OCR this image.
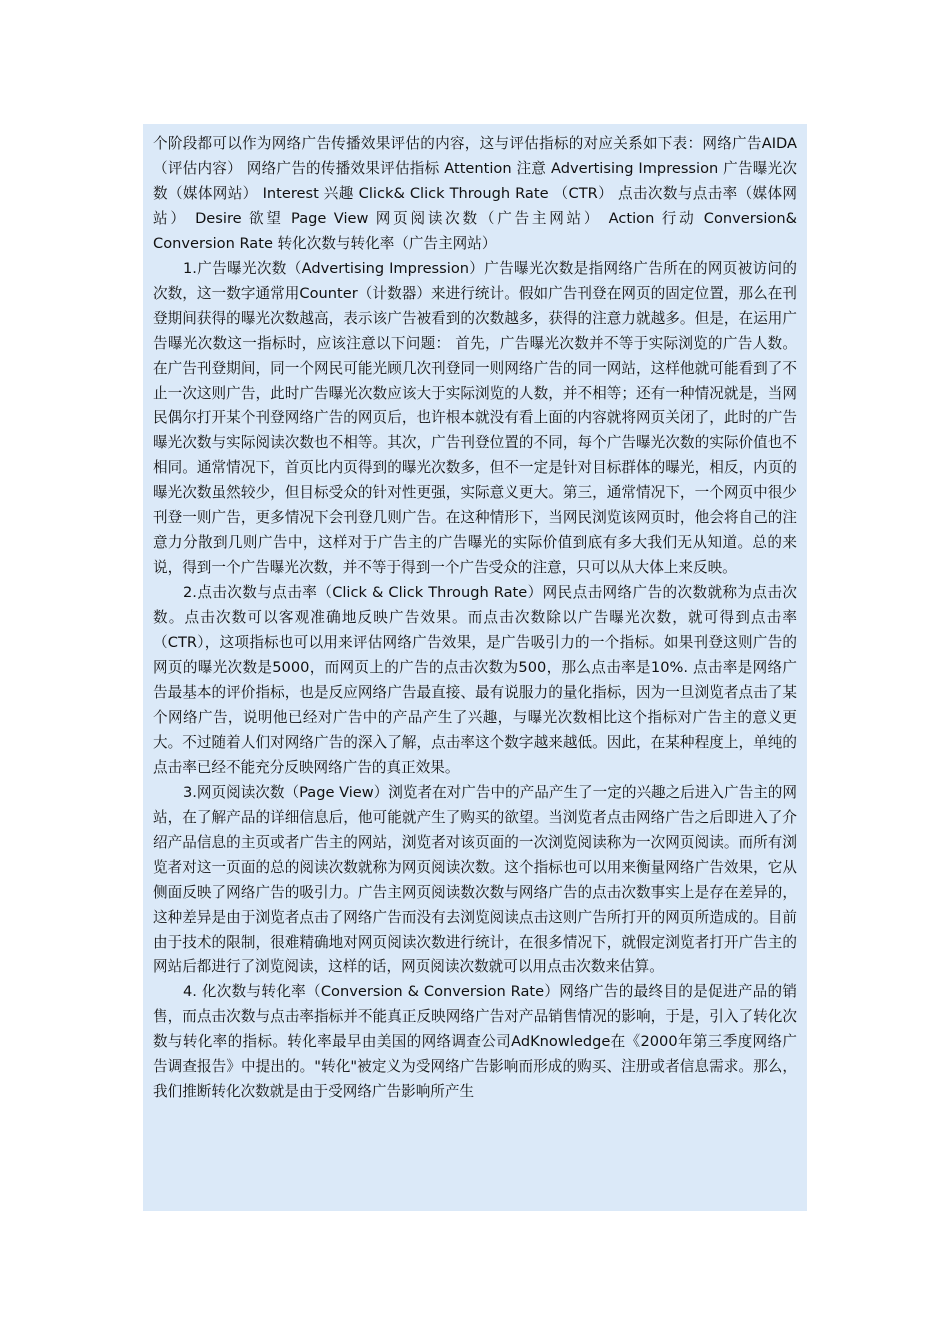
个阶段都可以作为网络广告传播效果评估的内容，这与评估指标的对应关系如下表：网络广告AIDA （评估内容） 网络广告的传播效果评估指标 Attention 注意 Advertising Impression 广告曝光次数（媒体网站） Interest 兴趣 Click& Click Through Rate （CTR） 点击次数与点击率（媒体网站） Desire 欲望 Page View 网页阅读次数（广告主网站） Action 行动 Conversion& Conversion Rate 转化次数与转化率（广告主网站）

1.广告曝光次数（Advertising Impression）广告曝光次数是指网络广告所在的网页被访问的次数，这一数字通常用Counter（计数器）来进行统计。假如广告刊登在网页的固定位置，那么在刊登期间获得的曝光次数越高，表示该广告被看到的次数越多，获得的注意力就越多。但是，在运用广告曝光次数这一指标时，应该注意以下问题： 首先，广告曝光次数并不等于实际浏览的广告人数。在广告刊登期间，同一个网民可能光顾几次刊登同一则网络广告的同一网站，这样他就可能看到了不止一次这则广告，此时广告曝光次数应该大于实际浏览的人数，并不相等；还有一种情况就是，当网民偶尔打开某个刊登网络广告的网页后，也许根本就没有看上面的内容就将网页关闭了，此时的广告曝光次数与实际阅读次数也不相等。其次，广告刊登位置的不同，每个广告曝光次数的实际价值也不相同。通常情况下，首页比内页得到的曝光次数多，但不一定是针对目标群体的曝光，相反，内页的曝光次数虽然较少，但目标受众的针对性更强，实际意义更大。第三，通常情况下，一个网页中很少刊登一则广告，更多情况下会刊登几则广告。在这种情形下，当网民浏览该网页时，他会将自己的注意力分散到几则广告中，这样对于广告主的广告曝光的实际价值到底有多大我们无从知道。总的来说，得到一个广告曝光次数，并不等于得到一个广告受众的注意，只可以从大体上来反映。

2.点击次数与点击率（Click & Click Through Rate）网民点击网络广告的次数就称为点击次数。点击次数可以客观准确地反映广告效果。而点击次数除以广告曝光次数，就可得到点击率（CTR），这项指标也可以用来评估网络广告效果，是广告吸引力的一个指标。如果刊登这则广告的网页的曝光次数是5000，而网页上的广告的点击次数为500，那么点击率是10%. 点击率是网络广告最基本的评价指标，也是反应网络广告最直接、最有说服力的量化指标，因为一旦浏览者点击了某个网络广告，说明他已经对广告中的产品产生了兴趣，与曝光次数相比这个指标对广告主的意义更大。不过随着人们对网络广告的深入了解，点击率这个数字越来越低。因此，在某种程度上，单纯的点击率已经不能充分反映网络广告的真正效果。

3.网页阅读次数（Page View）浏览者在对广告中的产品产生了一定的兴趣之后进入广告主的网站，在了解产品的详细信息后，他可能就产生了购买的欲望。当浏览者点击网络广告之后即进入了介绍产品信息的主页或者广告主的网站，浏览者对该页面的一次浏览阅读称为一次网页阅读。而所有浏览者对这一页面的总的阅读次数就称为网页阅读次数。这个指标也可以用来衡量网络广告效果，它从侧面反映了网络广告的吸引力。广告主网页阅读数次数与网络广告的点击次数事实上是存在差异的，这种差异是由于浏览者点击了网络广告而没有去浏览阅读点击这则广告所打开的网页所造成的。目前由于技术的限制，很难精确地对网页阅读次数进行统计，在很多情况下，就假定浏览者打开广告主的网站后都进行了浏览阅读，这样的话，网页阅读次数就可以用点击次数来估算。

4. 化次数与转化率（Conversion & Conversion Rate）网络广告的最终目的是促进产品的销售，而点击次数与点击率指标并不能真正反映网络广告对产品销售情况的影响，于是，引入了转化次数与转化率的指标。转化率最早由美国的网络调查公司AdKnowledge在《2000年第三季度网络广告调查报告》中提出的。"转化"被定义为受网络广告影响而形成的购买、注册或者信息需求。那么，我们推断转化次数就是由于受网络广告影响所产生
